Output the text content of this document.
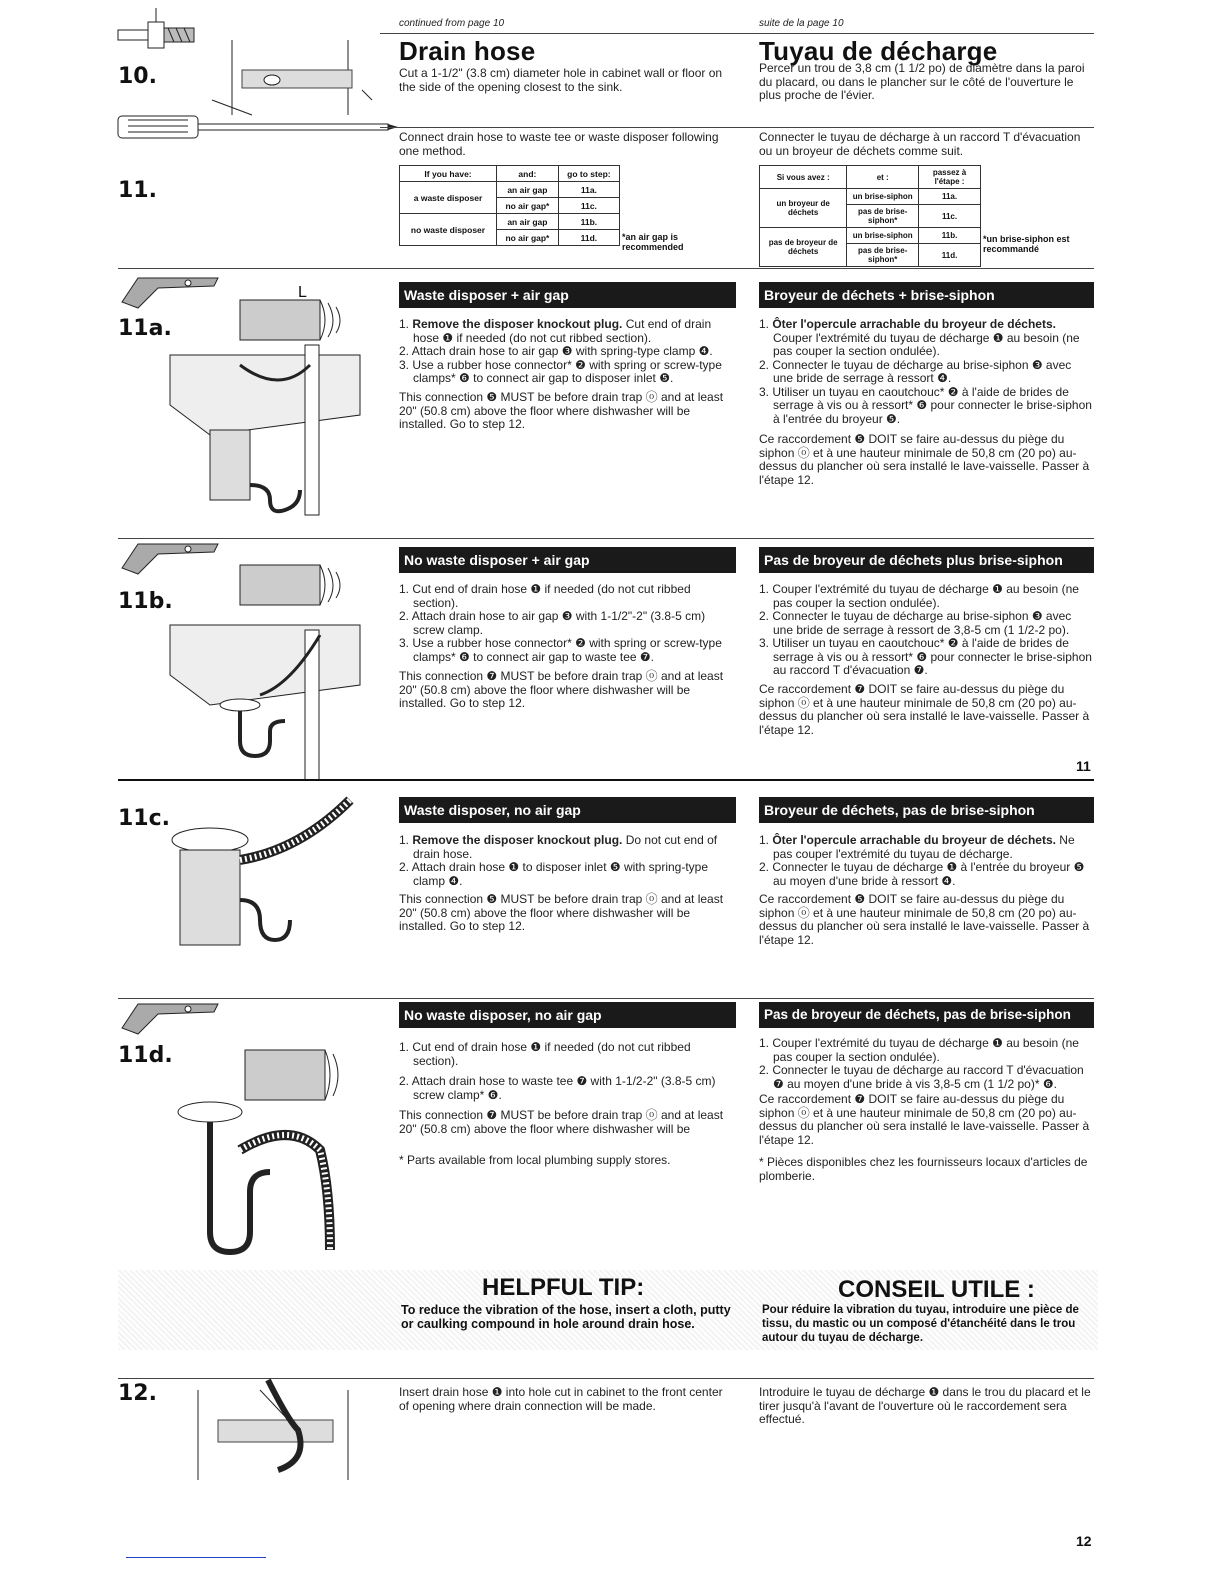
continued from page 10	suite de la page 10
10.
Drain hose	Tuyau de décharge
Cut a 1-1/2" (3.8 cm) diameter hole in cabinet wall or floor on the side of the opening closest to the sink.
Percer un trou de 3,8 cm (1 1/2 po) de diamètre dans la paroi du placard, ou dans le plancher sur le côté de l'ouverture le plus proche de l'évier.
11.
Connect drain hose to waste tee or waste disposer following one method.
Connecter le tuyau de décharge à un raccord T d'évacuation ou un broyeur de déchets comme suit.
If you have:	and:	go to step:
a waste disposer	an air gap	11a.
	no air gap*	11c.
no waste disposer	an air gap	11b.
	no air gap*	11d.	*an air gap is recommended
Si vous avez :	et :	passez à l'étape :
un broyeur de déchets	un brise-siphon	11a.
	pas de brise-siphon*	11c.
pas de broyeur de déchets	un brise-siphon	11b.
	pas de brise-siphon*	11d.
*un brise-siphon est recommandé
11a.
L	Waste disposer + air gap	Broyeur de déchets + brise-siphon
1. Remove the disposer knockout plug. Cut end of drain hose ❶ if needed (do not cut ribbed section).
2. Attach drain hose to air gap ❸ with spring-type clamp ❹.
3. Use a rubber hose connector* ❷ with spring or screw-type clamps* ❻ to connect air gap to disposer inlet ❺.
This connection ❺ MUST be before drain trap ⓞ and at least 20" (50.8 cm) above the floor where dishwasher will be installed. Go to step 12.
1. Ôter l'opercule arrachable du broyeur de déchets. Couper l'extrémité du tuyau de décharge ❶ au besoin (ne pas couper la section ondulée).
2. Connecter le tuyau de décharge au brise-siphon ❸ avec une bride de serrage à ressort ❹.
3. Utiliser un tuyau en caoutchouc* ❷ à l'aide de brides de serrage à vis ou à ressort* ❻ pour connecter le brise-siphon à l'entrée du broyeur ❺.
Ce raccordement ❺ DOIT se faire au-dessus du piège du siphon ⓞ et à une hauteur minimale de 50,8 cm (20 po) au-dessus du plancher où sera installé le lave-vaisselle. Passer à l'étape 12.
11b.
No waste disposer + air gap	Pas de broyeur de déchets plus brise-siphon
1. Cut end of drain hose ❶ if needed (do not cut ribbed section).
2. Attach drain hose to air gap ❸ with 1-1/2"-2" (3.8-5 cm) screw clamp.
3. Use a rubber hose connector* ❷ with spring or screw-type clamps* ❻ to connect air gap to waste tee ❼.
This connection ❼ MUST be before drain trap ⓞ and at least 20" (50.8 cm) above the floor where dishwasher will be installed. Go to step 12.
1. Couper l'extrémité du tuyau de décharge ❶ au besoin (ne pas couper la section ondulée).
2. Connecter le tuyau de décharge au brise-siphon ❸ avec une bride de serrage à ressort de 3,8-5 cm (1 1/2-2 po).
3. Utiliser un tuyau en caoutchouc* ❷ à l'aide de brides de serrage à vis ou à ressort* ❻ pour connecter le brise-siphon au raccord T d'évacuation ❼.
Ce raccordement ❼ DOIT se faire au-dessus du piège du siphon ⓞ et à une hauteur minimale de 50,8 cm (20 po) au-dessus du plancher où sera installé le lave-vaisselle. Passer à l'étape 12.
11
11c.	Waste disposer, no air gap	Broyeur de déchets, pas de brise-siphon
1. Remove the disposer knockout plug. Do not cut end of drain hose.
2. Attach drain hose ❶ to disposer inlet ❺ with spring-type clamp ❹.
This connection ❺ MUST be before drain trap ⓞ and at least 20" (50.8 cm) above the floor where dishwasher will be installed. Go to step 12.
1. Ôter l'opercule arrachable du broyeur de déchets. Ne pas couper l'extrémité du tuyau de décharge.
2. Connecter le tuyau de décharge ❶ à l'entrée du broyeur ❺ au moyen d'une bride à ressort ❹.
Ce raccordement ❺ DOIT se faire au-dessus du piège du siphon ⓞ et à une hauteur minimale de 50,8 cm (20 po) au-dessus du plancher où sera installé le lave-vaisselle. Passer à l'étape 12.
11d.
No waste disposer, no air gap	Pas de broyeur de déchets, pas de brise-siphon
1. Cut end of drain hose ❶ if needed (do not cut ribbed section).
2. Attach drain hose to waste tee ❼ with 1-1/2-2" (3.8-5 cm) screw clamp* ❻.
This connection ❼ MUST be before drain trap ⓞ and at least 20" (50.8 cm) above the floor where dishwasher will be
* Parts available from local plumbing supply stores.
1. Couper l'extrémité du tuyau de décharge ❶ au besoin (ne pas couper la section ondulée).
2. Connecter le tuyau de décharge au raccord T d'évacuation ❼ au moyen d'une bride à vis 3,8-5 cm (1 1/2 po)* ❻.
Ce raccordement ❼ DOIT se faire au-dessus du piège du siphon ⓞ et à une hauteur minimale de 50,8 cm (20 po) au-dessus du plancher où sera installé le lave-vaisselle. Passer à l'étape 12.
* Pièces disponibles chez les fournisseurs locaux d'articles de plomberie.
HELPFUL TIP:
To reduce the vibration of the hose, insert a cloth, putty or caulking compound in hole around drain hose.
CONSEIL UTILE :
Pour réduire la vibration du tuyau, introduire une pièce de tissu, du mastic ou un composé d'étanchéité dans le trou autour du tuyau de décharge.
12.	Insert drain hose ❶ into hole cut in cabinet to the front center of opening where drain connection will be made.
Introduire le tuyau de décharge ❶ dans le trou du placard et le tirer jusqu'à l'avant de l'ouverture où le raccordement sera effectué.
12
